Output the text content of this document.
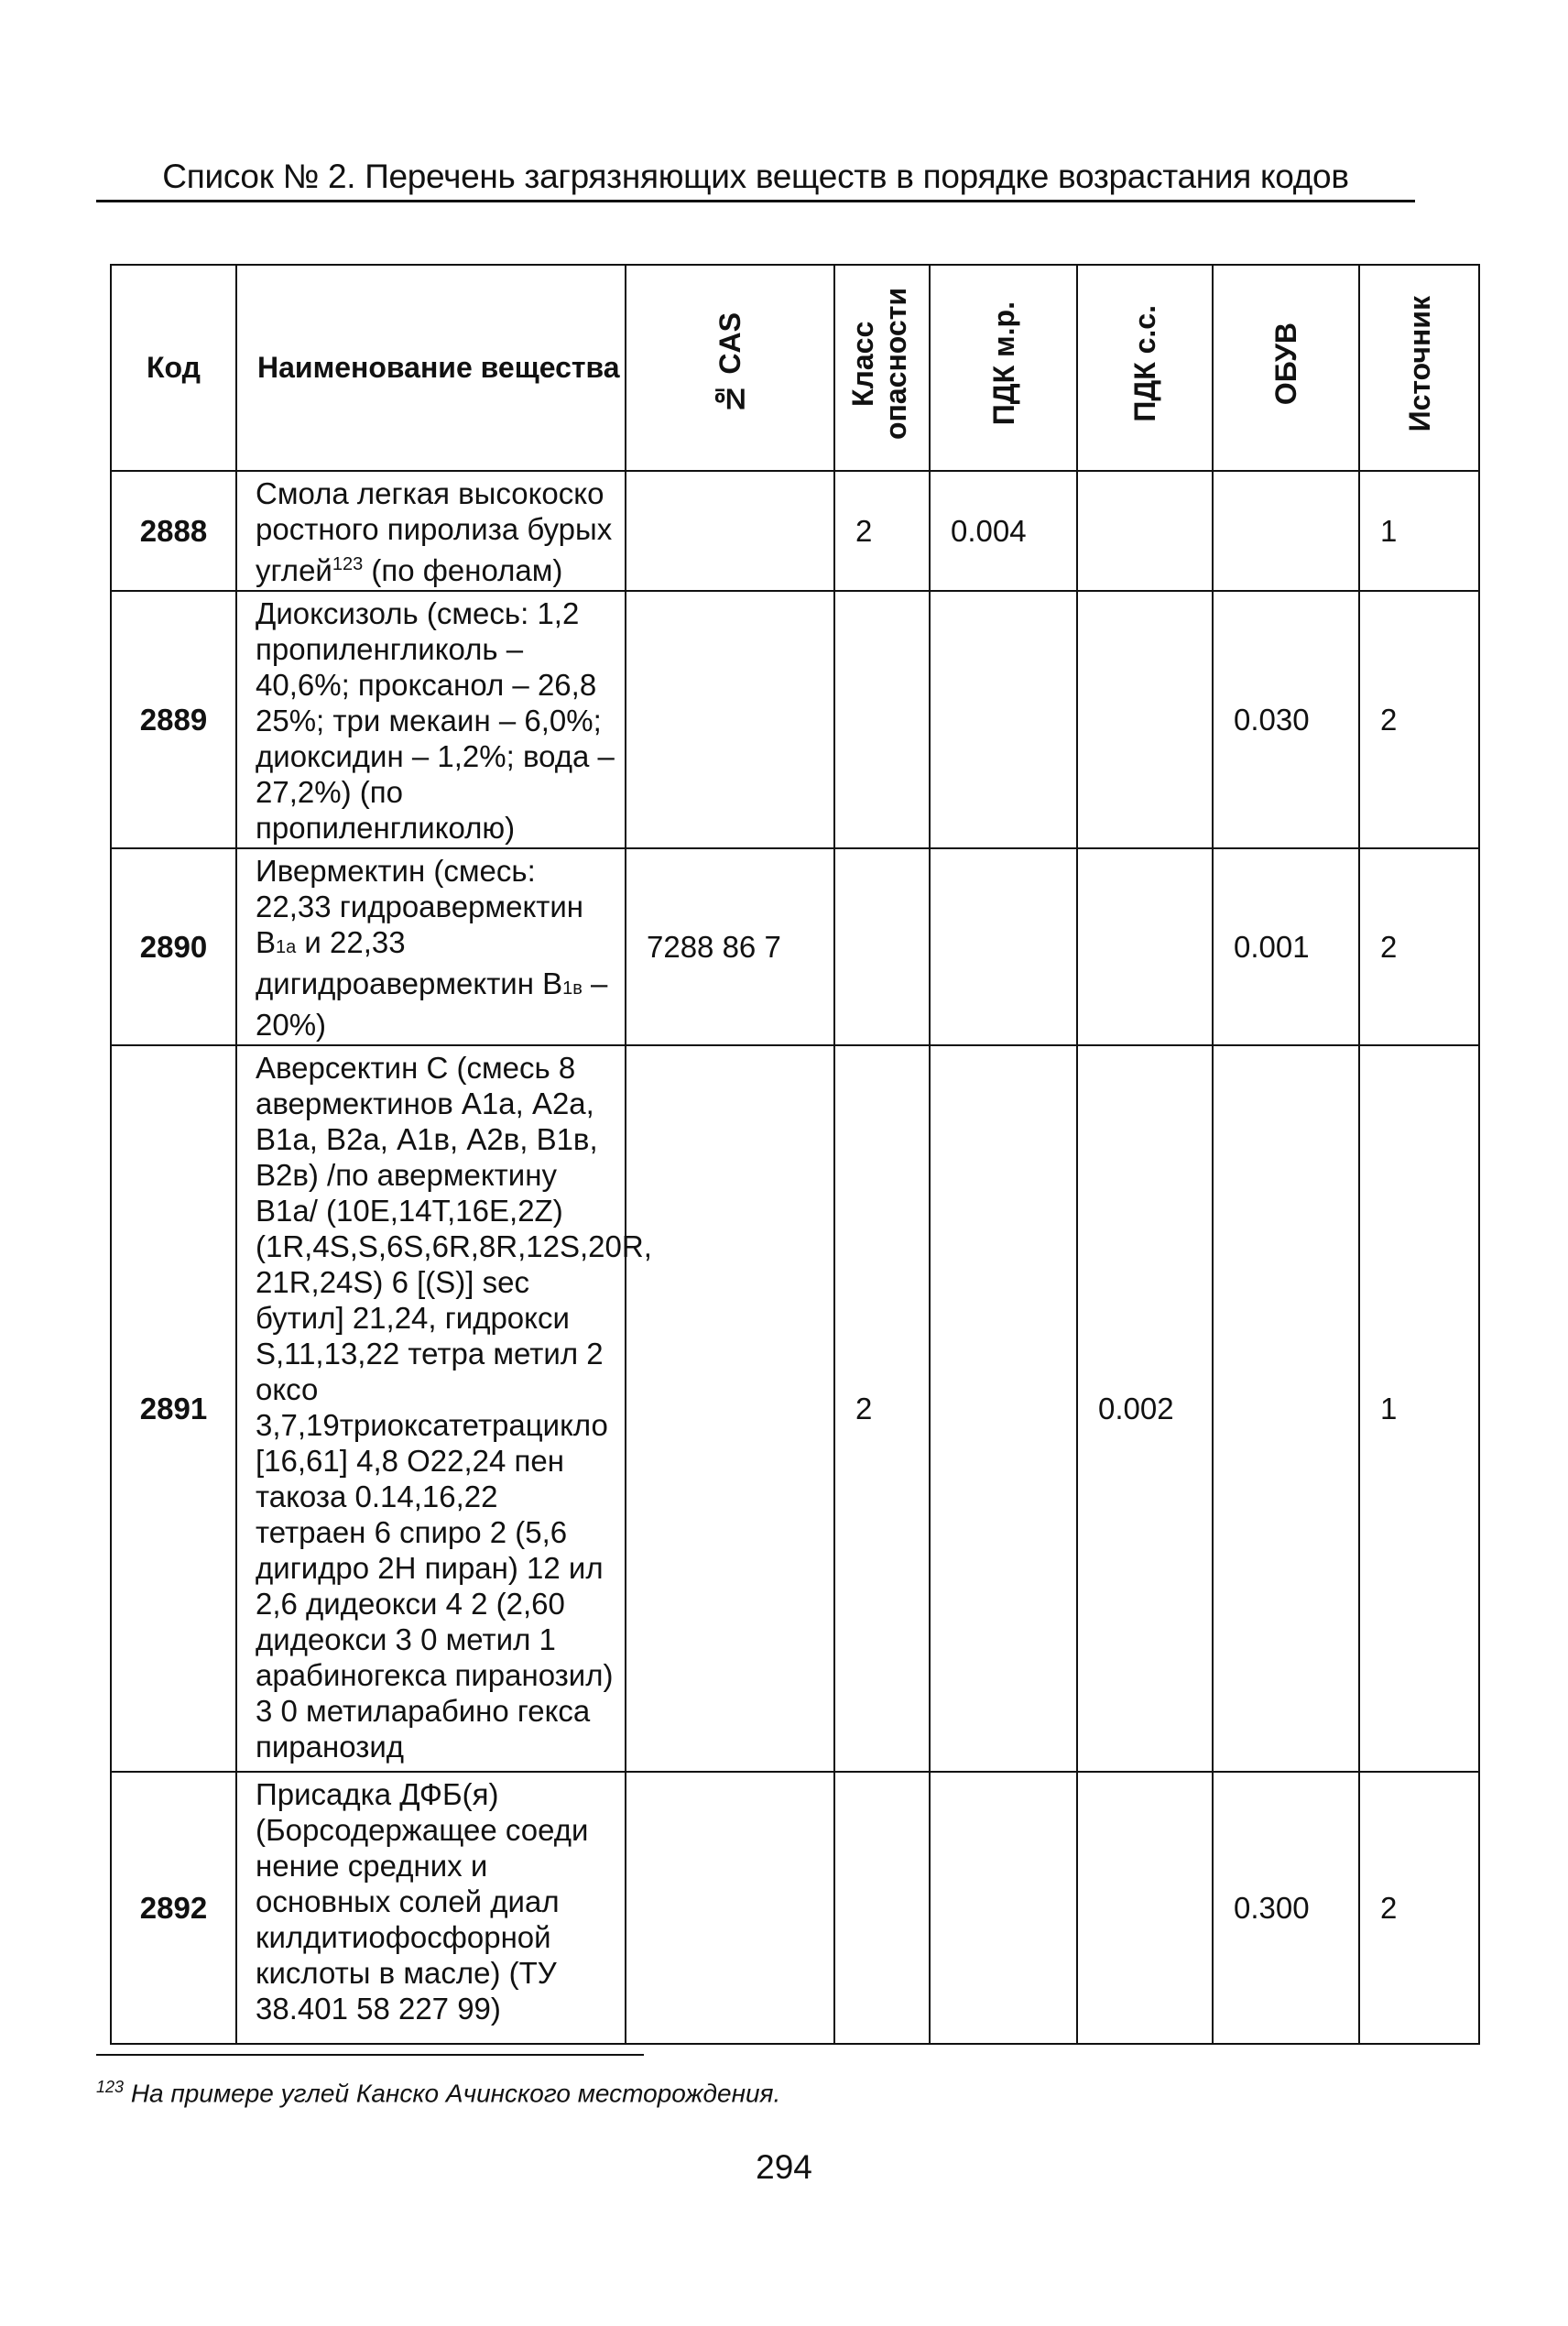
Список № 2. Перечень загрязняющих веществ в порядке возрастания кодов
Код	Наименование вещества	№ CAS	Класс опасности	ПДК м.р.	ПДК с.с.	ОБУВ	Источник
2888	Смола легкая высокоско ростного пиролиза бурых углей$^{123}$ (по фенолам)		2	0.004			1
2889	Диоксизоль (смесь: 1,2 пропиленгликоль – 40,6%; проксанол – 26,8 25%; три мекаин – 6,0%; диоксидин – 1,2%; вода – 27,2%) (по пропиленгликолю)					0.030	2
2890	Ивермектин (смесь: 22,33 гидроавермектин B1a и 22,33 дигидроавермектин B1в – 20%)	7288 86 7				0.001	2
2891	Аверсектин С (смесь 8 авермектинов А1а, А2а, В1а, В2а, А1в, А2в, В1в, В2в) /по авермектину В1а/ (10Е,14Т,16Е,2Z) (1R,4S,S,6S,6R,8R,12S,20R, 21R,24S) 6 [(S)] sec бутил] 21,24, гидрокси S,11,13,22 тетра метил 2 оксо 3,7,19триоксатетрацикло [16,61] 4,8 О22,24 пен такоза 0.14,16,22 тетраен 6 спиро 2 (5,6 дигидро 2Н пиран) 12 ил 2,6 дидеокси 4 2 (2,60 дидеокси 3 0 метил 1 арабиногекса пиранозил) 3 0 метиларабино гекса пиранозид		2		0.002		1
2892	Присадка ДФБ(я) (Борсодержащее соеди нение средних и основных солей диал килдитиофосфорной кислоты в масле) (ТУ 38.401 58 227 99)					0.300	2
$^{123}$ На примере углей Канско Ачинского месторождения.
294
